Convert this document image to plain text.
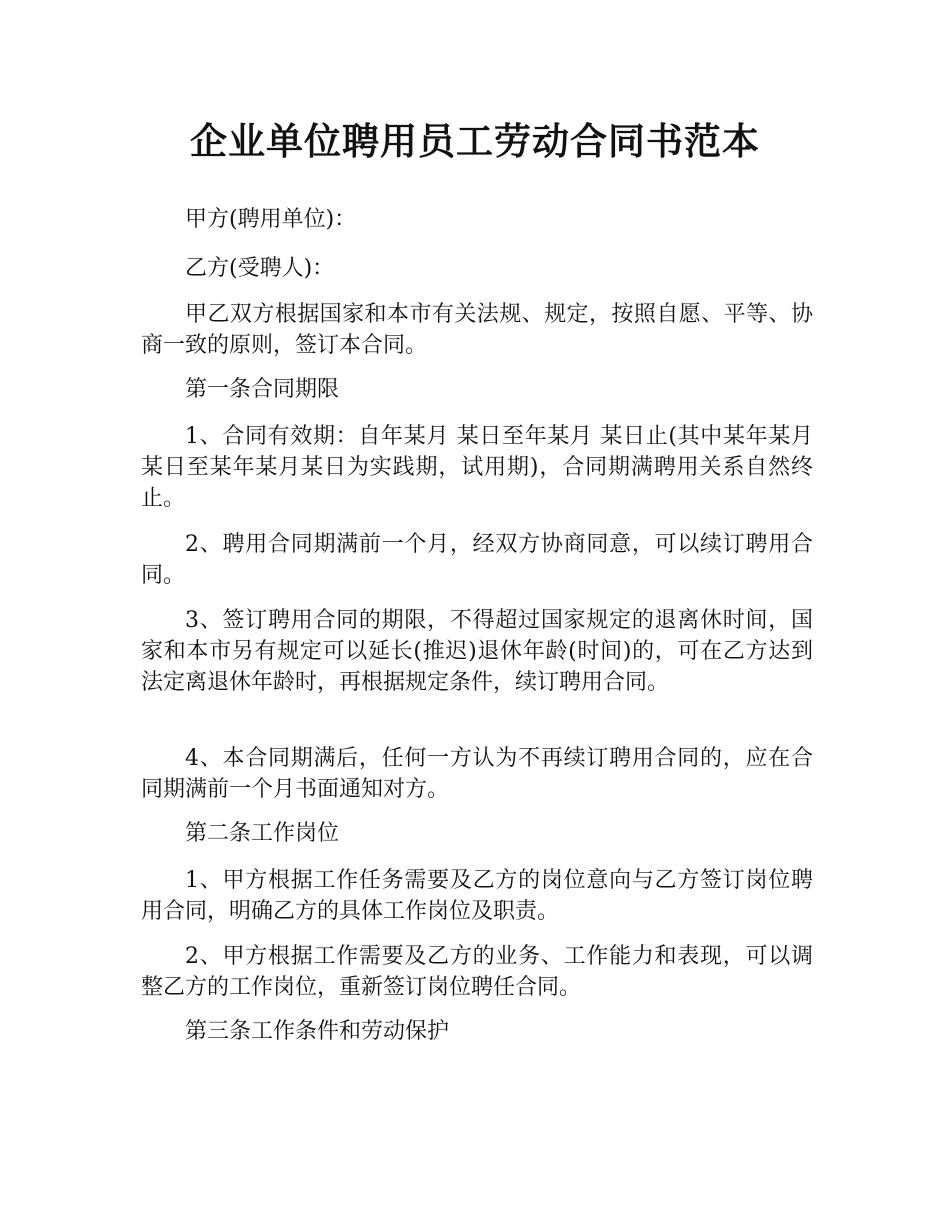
企业单位聘用员工劳动合同书范本

甲方(聘用单位)：

乙方(受聘人)：

甲乙双方根据国家和本市有关法规、规定，按照自愿、平等、协商一致的原则，签订本合同。

第一条合同期限

1、合同有效期：自年某月 某日至年某月 某日止(其中某年某月某日至某年某月某日为实践期，试用期)，合同期满聘用关系自然终止。

2、聘用合同期满前一个月，经双方协商同意，可以续订聘用合同。

3、签订聘用合同的期限，不得超过国家规定的退离休时间，国家和本市另有规定可以延长(推迟)退休年龄(时间)的，可在乙方达到法定离退休年龄时，再根据规定条件，续订聘用合同。

4、本合同期满后，任何一方认为不再续订聘用合同的，应在合同期满前一个月书面通知对方。

第二条工作岗位

1、甲方根据工作任务需要及乙方的岗位意向与乙方签订岗位聘用合同，明确乙方的具体工作岗位及职责。

2、甲方根据工作需要及乙方的业务、工作能力和表现，可以调整乙方的工作岗位，重新签订岗位聘任合同。

第三条工作条件和劳动保护
